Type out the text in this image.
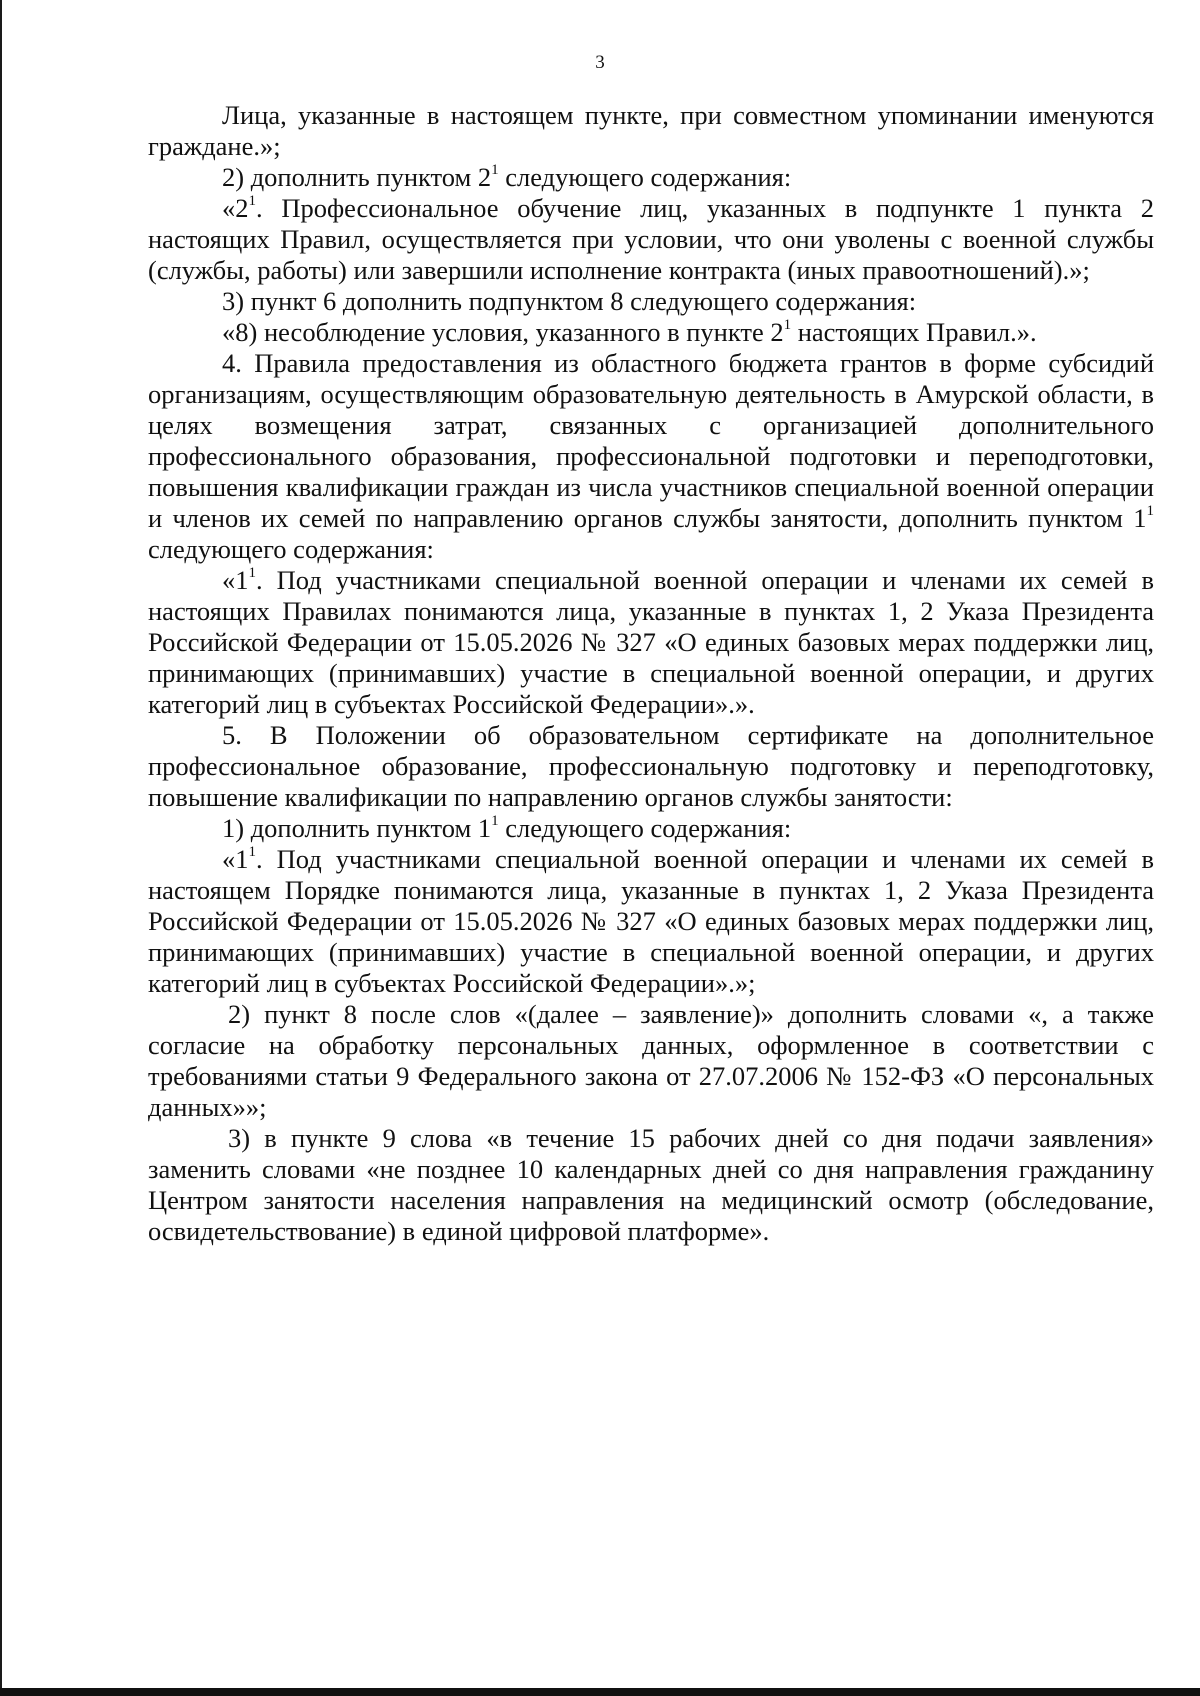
3

Лица, указанные в настоящем пункте, при совместном упоминании именуются граждане.»;

2) дополнить пунктом $2^1$ следующего содержания:

«$2^1$. Профессиональное обучение лиц, указанных в подпункте 1 пункта 2 настоящих Правил, осуществляется при условии, что они уволены с военной службы (службы, работы) или завершили исполнение контракта (иных правоотношений).»;

3) пункт 6 дополнить подпунктом 8 следующего содержания:

«8) несоблюдение условия, указанного в пункте $2^1$ настоящих Правил.».

4. Правила предоставления из областного бюджета грантов в форме субсидий организациям, осуществляющим образовательную деятельность в Амурской области, в целях возмещения затрат, связанных с организацией дополнительного профессионального образования, профессиональной подготовки и переподготовки, повышения квалификации граждан из числа участников специальной военной операции и членов их семей по направлению органов службы занятости, дополнить пунктом $1^1$ следующего содержания:

«$1^1$. Под участниками специальной военной операции и членами их семей в настоящих Правилах понимаются лица, указанные в пунктах 1, 2 Указа Президента Российской Федерации от 15.05.2026 № 327 «О единых базовых мерах поддержки лиц, принимающих (принимавших) участие в специальной военной операции, и других категорий лиц в субъектах Российской Федерации».».

5. В Положении об образовательном сертификате на дополнительное профессиональное образование, профессиональную подготовку и переподготовку, повышение квалификации по направлению органов службы занятости:

1) дополнить пунктом $1^1$ следующего содержания:

«$1^1$. Под участниками специальной военной операции и членами их семей в настоящем Порядке понимаются лица, указанные в пунктах 1, 2 Указа Президента Российской Федерации от 15.05.2026 № 327 «О единых базовых мерах поддержки лиц, принимающих (принимавших) участие в специальной военной операции, и других категорий лиц в субъектах Российской Федерации».»;

2) пункт 8 после слов «(далее – заявление)» дополнить словами «, а также согласие на обработку персональных данных, оформленное в соответствии с требованиями статьи 9 Федерального закона от 27.07.2006 № 152-ФЗ «О персональных данных»»;

3) в пункте 9 слова «в течение 15 рабочих дней со дня подачи заявления» заменить словами «не позднее 10 календарных дней со дня направления гражданину Центром занятости населения направления на медицинский осмотр (обследование, освидетельствование) в единой цифровой платформе».
